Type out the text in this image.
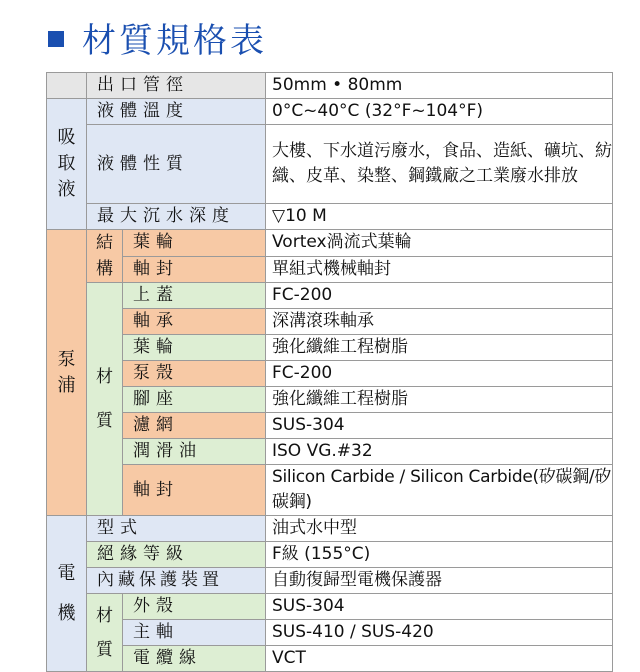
材質規格表
	出口管徑		50mm • 80mm
吸取液	液體溫度		0°C~40°C (32°F~104°F)
	液體性質		大樓、下水道污廢水，食品、造紙、礦坑、紡織、皮革、染整、鋼鐵廠之工業廢水排放
	最大沉水深度		▽10 M
泵浦	結構	葉輪	Vortex渦流式葉輪
		軸封	單組式機械軸封
	材質	上蓋	FC-200
		軸承	深溝滾珠軸承
		葉輪	強化纖維工程樹脂
		泵殼	FC-200
		腳座	強化纖維工程樹脂
		濾網	SUS-304
		潤滑油	ISO VG.#32
		軸封	Silicon Carbide / Silicon Carbide(矽碳鋼/矽碳鋼)
電機	型式		油式水中型
	絕緣等級		F級 (155°C)
	內藏保護裝置		自動復歸型電機保護器
	材質	外殼	SUS-304
		主軸	SUS-410 / SUS-420
		電纜線	VCT
